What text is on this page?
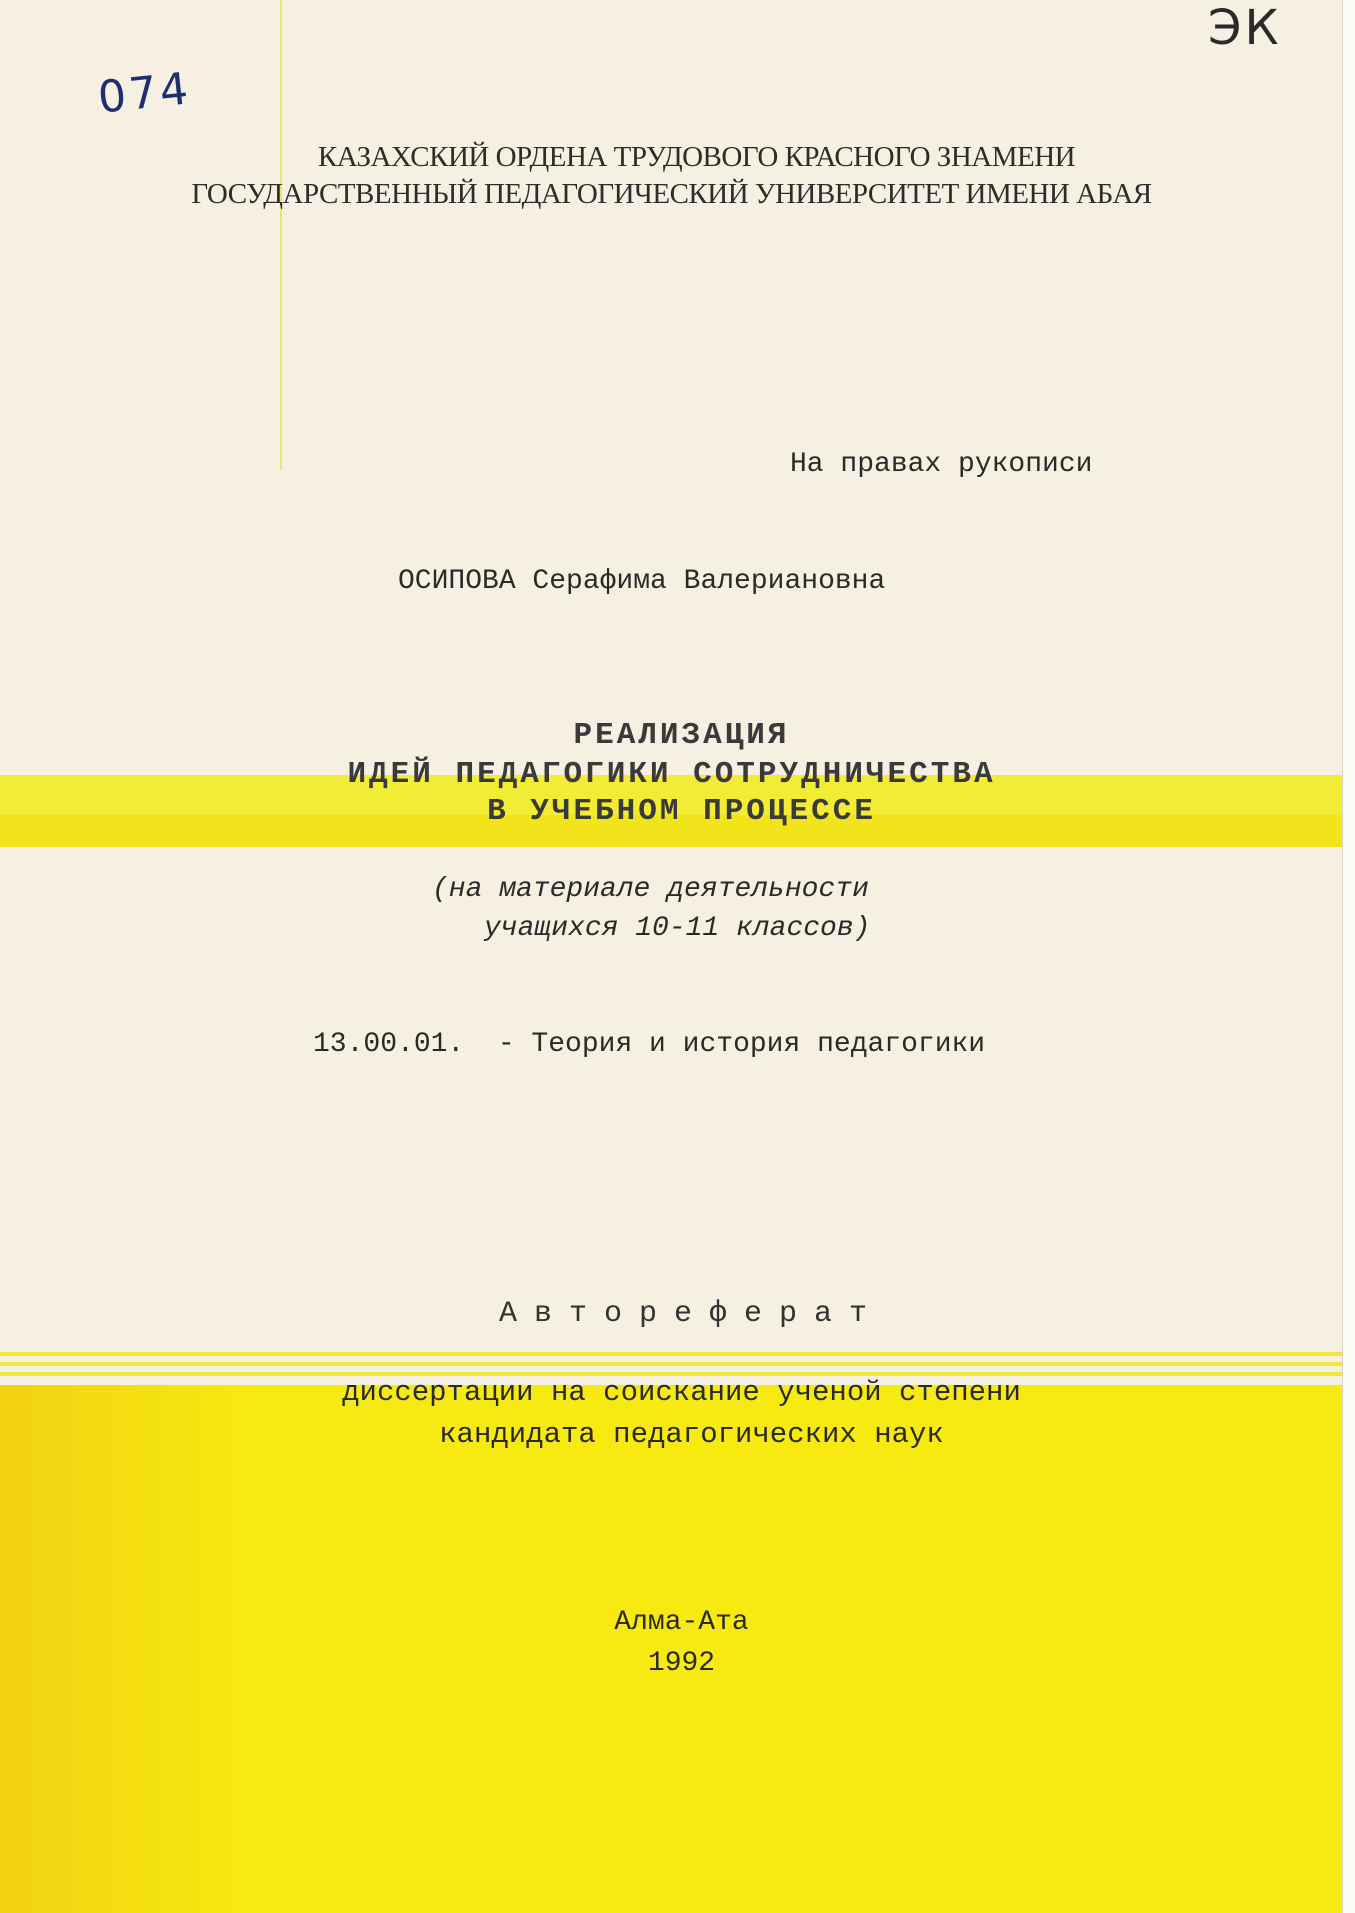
074
ЭК
КАЗАХСКИЙ ОРДЕНА ТРУДОВОГО КРАСНОГО ЗНАМЕНИ
ГОСУДАРСТВЕННЫЙ ПЕДАГОГИЧЕСКИЙ УНИВЕРСИТЕТ ИМЕНИ АБАЯ
На правах рукописи
ОСИПОВА Серафима Валериановна
РЕАЛИЗАЦИЯ
ИДЕЙ ПЕДАГОГИКИ СОТРУДНИЧЕСТВА
В УЧЕБНОМ ПРОЦЕССЕ
(на материале деятельности
учащихся 10-11 классов)
13.00.01.  - Теория и история педагогики
Автореферат
диссертации на соискание ученой степени
кандидата педагогических наук
Алма-Ата
1992
